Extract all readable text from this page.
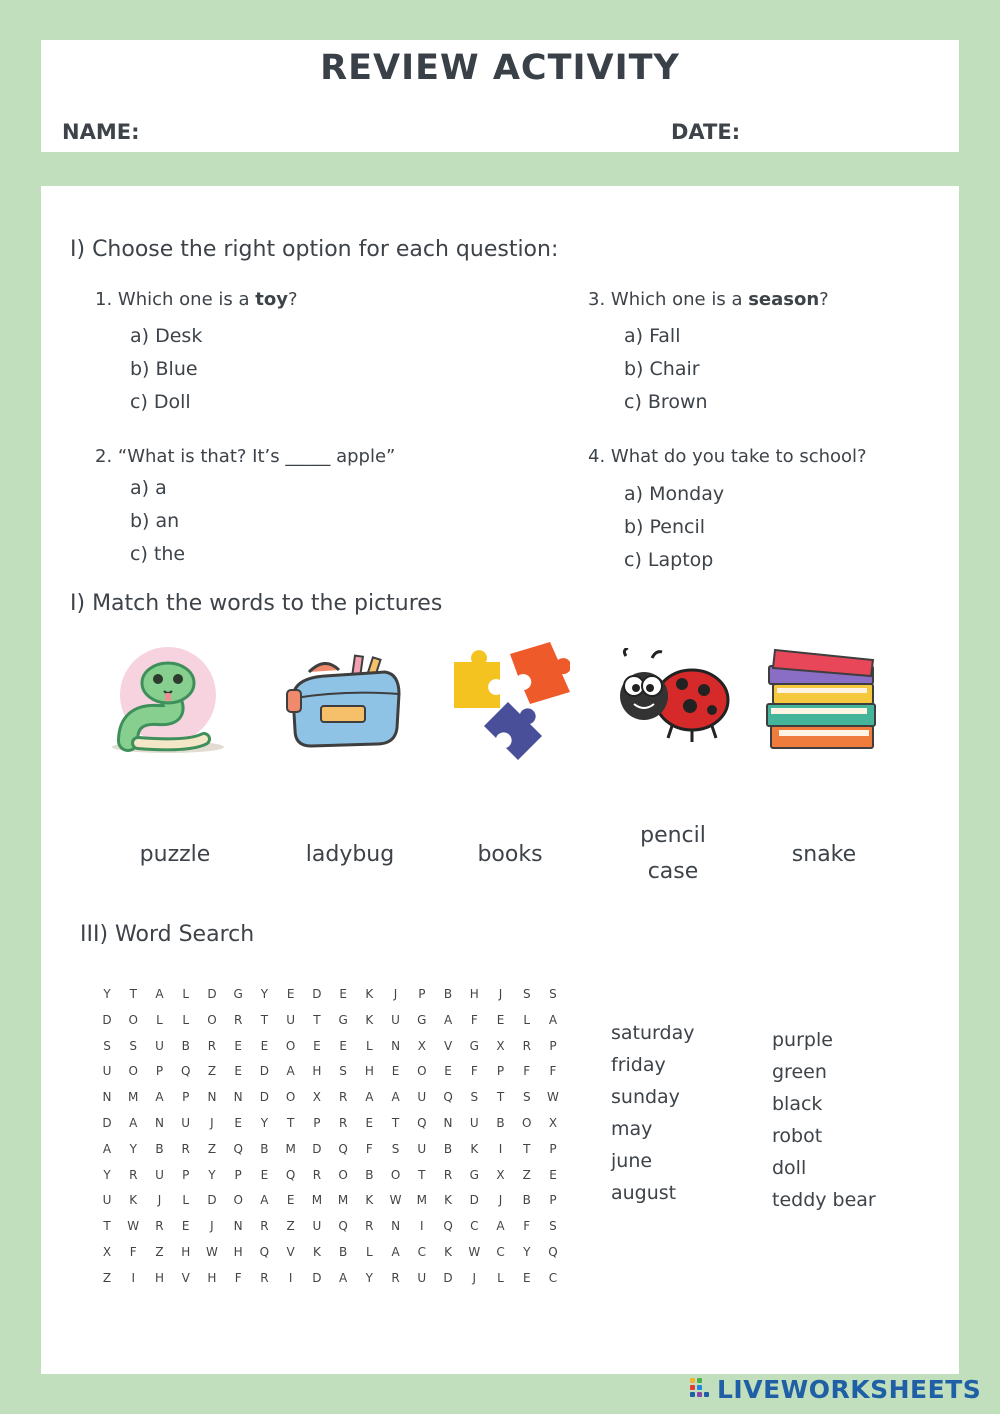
REVIEW ACTIVITY
NAME:	DATE:
I) Choose the right option for each question:
1. Which one is a toy?
a) Desk
b) Blue
c) Doll
2. “What is that? It’s _____ apple”
a) a
b) an
c) the
3. Which one is a season?
a) Fall
b) Chair
c) Brown
4. What do you take to school?
a) Monday
b) Pencil
c) Laptop
I) Match the words to the pictures
puzzle	ladybug	books
pencil
case
snake
III) Word Search
Y T A	L	D G Y E D E K	J	P B H	J	S S
D O	L	L	O R T U T G K U G A F E	L	A
S S U B R E E O E E	L	N X V G X R P
U O P Q Z E D A H S H E O E F P F F
N M A P N N D O X R A A U Q S T S W
D A N U	J	E Y T P R E T Q N U B O X
A Y B R Z Q B M D Q F S U B K	I	T P
Y R U P Y P E Q R O B O T R G X Z E
U K	J	L	D O A E M M K W M K D	J	B P
T W R E	J	N R Z U Q R N	I	Q C A F S
X F Z H W H Q V K B	L	A C K W C Y Q
Z	I	H V H F R	I	D A Y R U D	J	L	E C
saturday
friday
sunday
may
june
august
purple
green
black
robot
doll
teddy bear
LIVEWORKSHEETS
